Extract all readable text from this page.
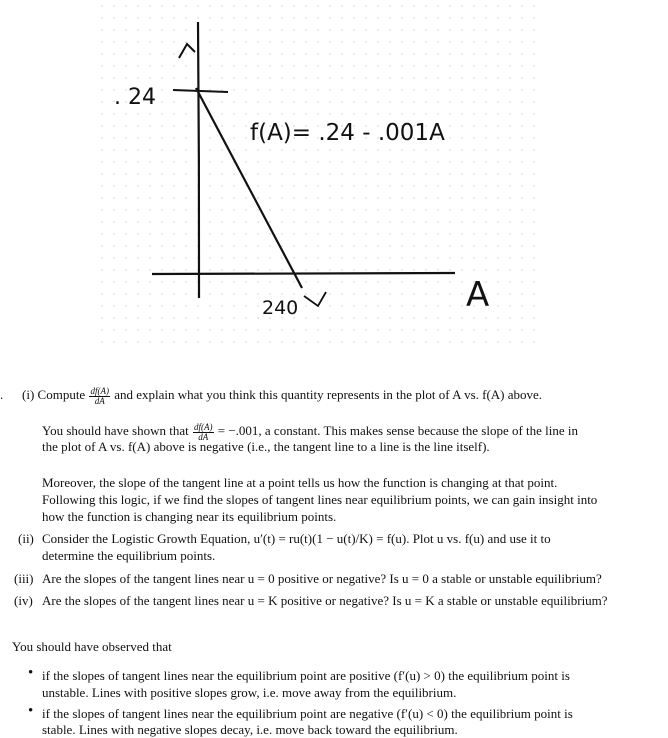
. 24
f(A)= .24 - .001A
240	A
. (i) Compute $\frac{df(A)}{dA}$ and explain what you think this quantity represents in the plot of A vs. f(A) above.
You should have shown that $\frac{df(A)}{dA} = -.001$, a constant. This makes sense because the slope of the line in
the plot of A vs. f(A) above is negative (i.e., the tangent line to a line is the line itself).
Moreover, the slope of the tangent line at a point tells us how the function is changing at that point.
Following this logic, if we find the slopes of tangent lines near equilibrium points, we can gain insight into
how the function is changing near its equilibrium points.
(ii) Consider the Logistic Growth Equation, u′(t) = ru(t)(1 − u(t)/K) = f(u). Plot u vs. f(u) and use it to
determine the equilibrium points.
(iii) Are the slopes of the tangent lines near u = 0 positive or negative? Is u = 0 a stable or unstable equilibrium?
(iv) Are the slopes of the tangent lines near u = K positive or negative? Is u = K a stable or unstable equilibrium?
You should have observed that
• if the slopes of tangent lines near the equilibrium point are positive (f′(u) > 0) the equilibrium point is
unstable. Lines with positive slopes grow, i.e. move away from the equilibrium.
• if the slopes of tangent lines near the equilibrium point are negative (f′(u) < 0) the equilibrium point is
stable. Lines with negative slopes decay, i.e. move back toward the equilibrium.
